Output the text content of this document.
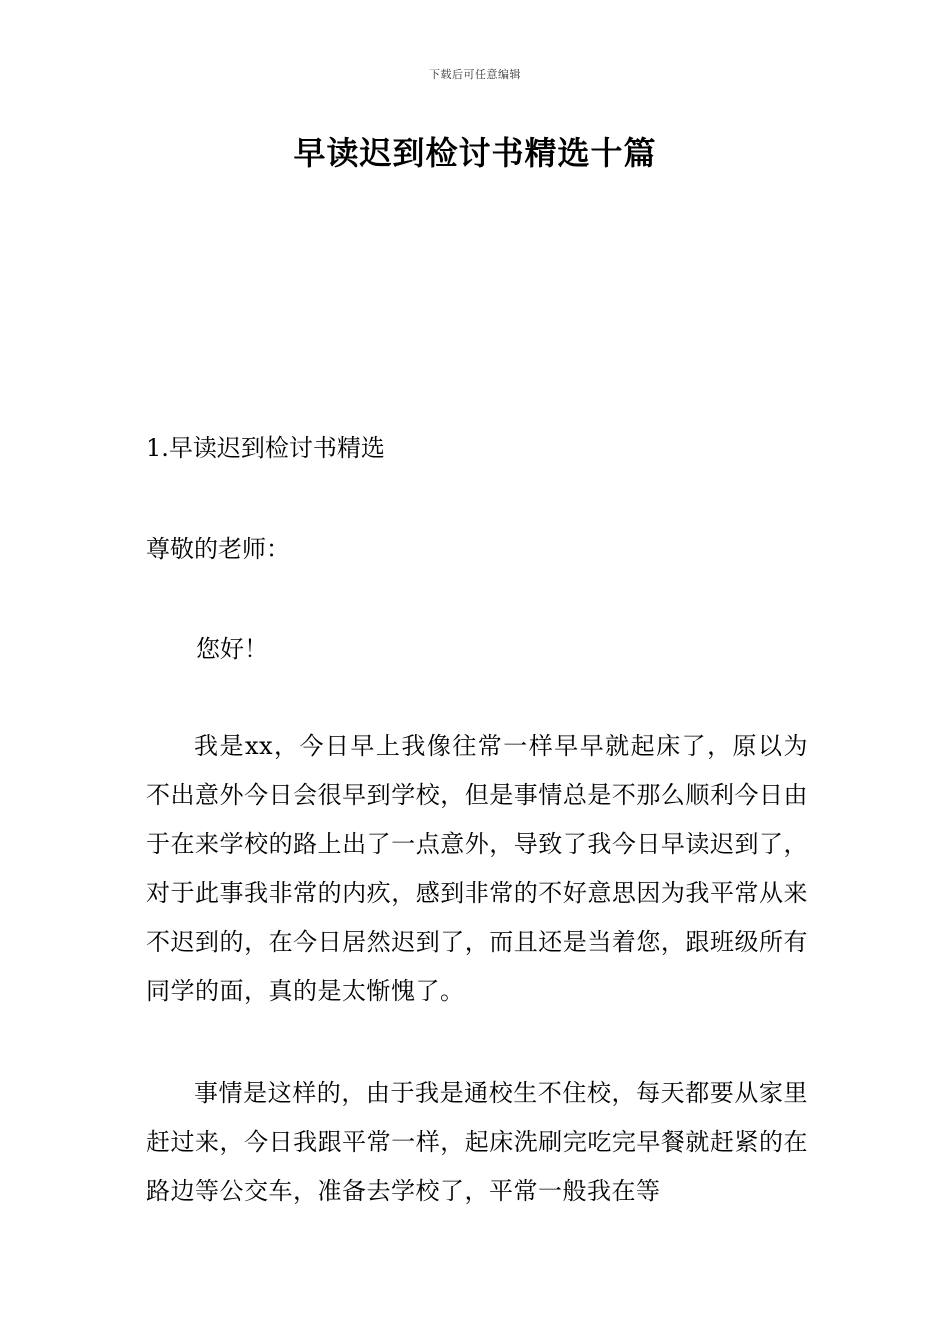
下载后可任意编辑
早读迟到检讨书精选十篇

1.早读迟到检讨书精选

尊敬的老师：

您好！

我是xx，今日早上我像往常一样早早就起床了，原以为不出意外今日会很早到学校，但是事情总是不那么顺利今日由于在来学校的路上出了一点意外，导致了我今日早读迟到了，对于此事我非常的内疚，感到非常的不好意思因为我平常从来不迟到的，在今日居然迟到了，而且还是当着您，跟班级所有同学的面，真的是太惭愧了。

事情是这样的，由于我是通校生不住校，每天都要从家里赶过来，今日我跟平常一样，起床洗刷完吃完早餐就赶紧的在路边等公交车，准备去学校了，平常一般我在等
